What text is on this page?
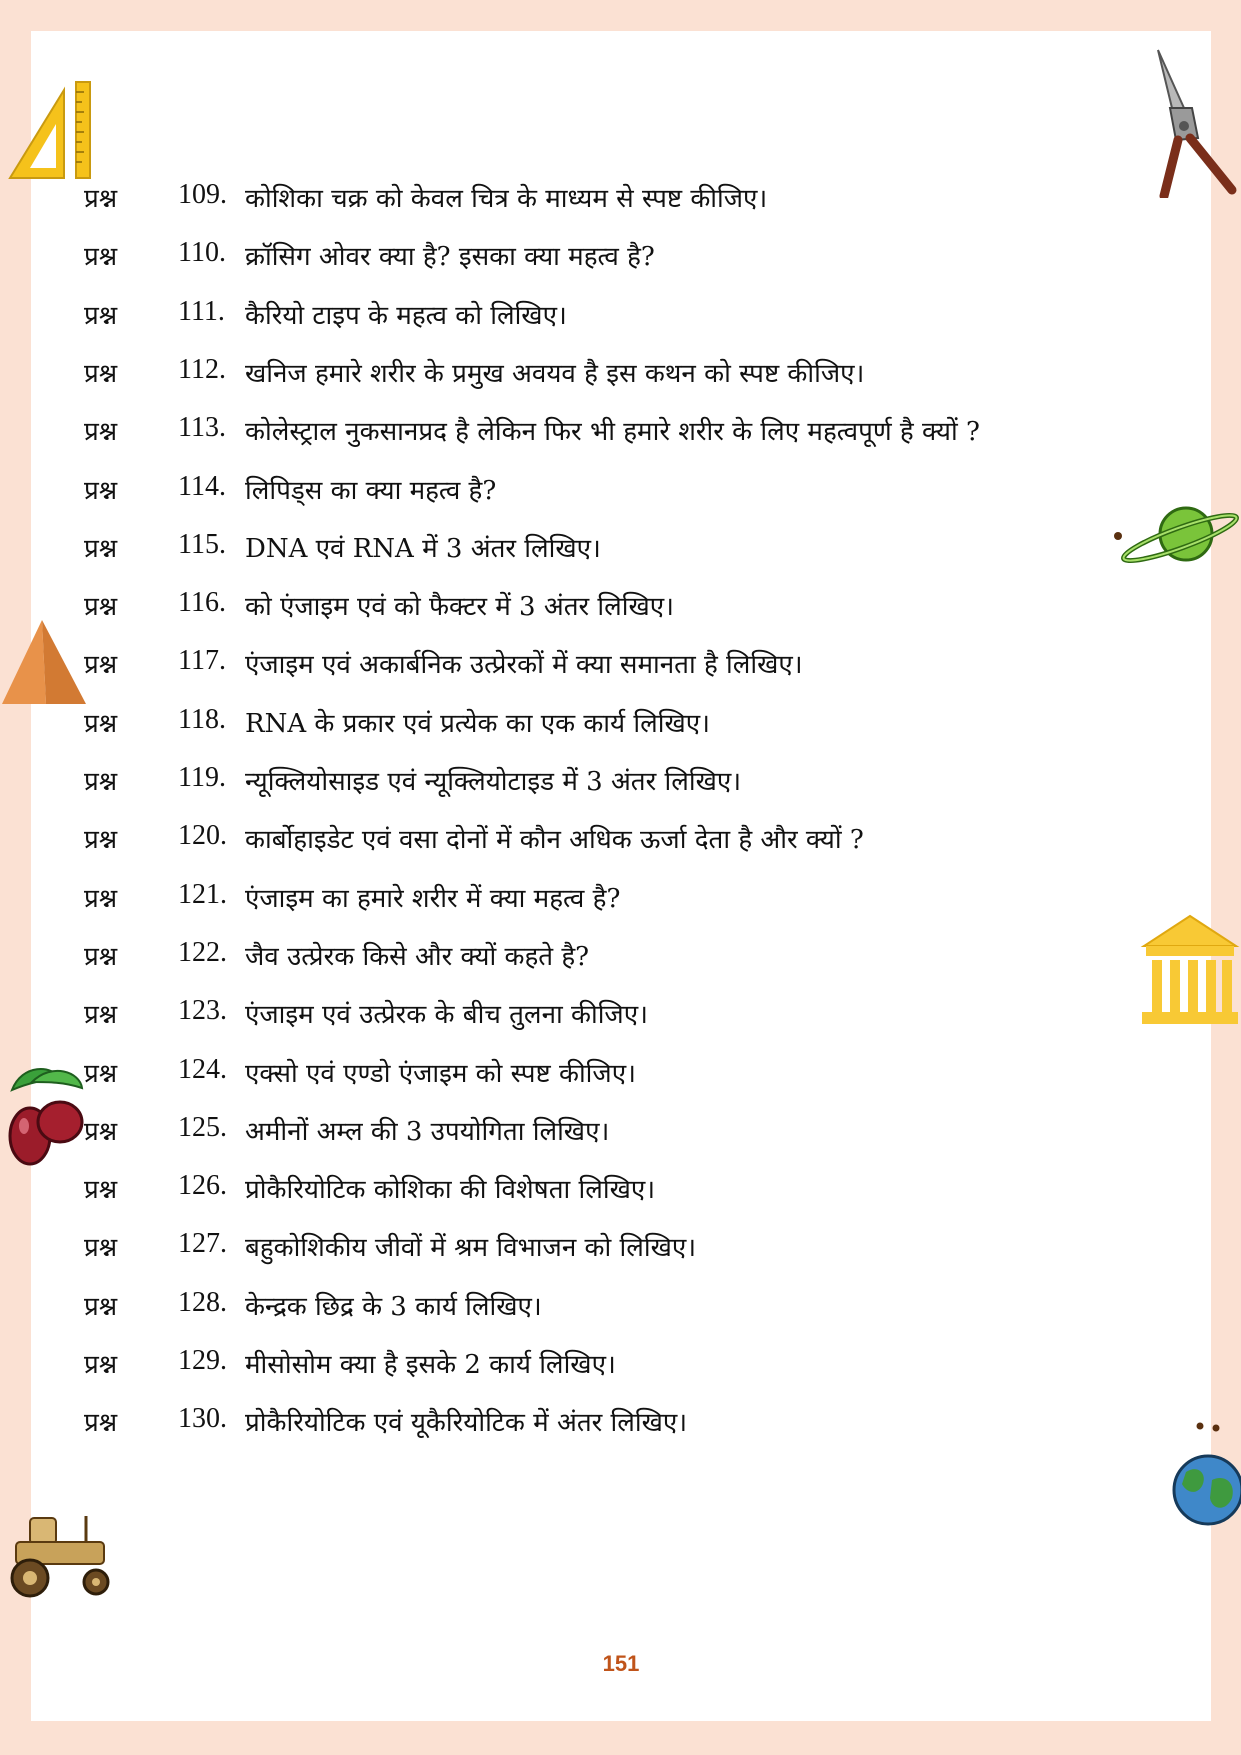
प्रश्न 109. कोशिका चक्र को केवल चित्र के माध्यम से स्पष्ट कीजिए।
प्रश्न 110. क्रॉसिग ओवर क्या है? इसका क्या महत्व है?
प्रश्न 111. कैरियो टाइप के महत्व को लिखिए।
प्रश्न 112. खनिज हमारे शरीर के प्रमुख अवयव है इस कथन को स्पष्ट कीजिए।
प्रश्न 113. कोलेस्ट्राल नुकसानप्रद है लेकिन फिर भी हमारे शरीर के लिए महत्वपूर्ण है क्यों ?
प्रश्न 114. लिपिड्स का क्या महत्व है?
प्रश्न 115. DNA एवं RNA में 3 अंतर लिखिए।
प्रश्न 116. को एंजाइम एवं को फैक्टर में 3 अंतर लिखिए।
प्रश्न 117. एंजाइम एवं अकार्बनिक उत्प्रेरकों में क्या समानता है लिखिए।
प्रश्न 118. RNA के प्रकार एवं प्रत्येक का एक कार्य लिखिए।
प्रश्न 119. न्यूक्लियोसाइड एवं न्यूक्लियोटाइड में 3 अंतर लिखिए।
प्रश्न 120. कार्बोहाइडेट एवं वसा दोनों में कौन अधिक ऊर्जा देता है और क्यों ?
प्रश्न 121. एंजाइम का हमारे शरीर में क्या महत्व है?
प्रश्न 122. जैव उत्प्रेरक किसे और क्यों कहते है?
प्रश्न 123. एंजाइम एवं उत्प्रेरक के बीच तुलना कीजिए।
प्रश्न 124. एक्सो एवं एण्डो एंजाइम को स्पष्ट कीजिए।
प्रश्न 125. अमीनों अम्ल की 3 उपयोगिता लिखिए।
प्रश्न 126. प्रोकैरियोटिक कोशिका की विशेषता लिखिए।
प्रश्न 127. बहुकोशिकीय जीवों में श्रम विभाजन को लिखिए।
प्रश्न 128. केन्द्रक छिद्र के 3 कार्य लिखिए।
प्रश्न 129. मीसोसोम क्या है इसके 2 कार्य लिखिए।
प्रश्न 130. प्रोकैरियोटिक एवं यूकैरियोटिक में अंतर लिखिए।
151
